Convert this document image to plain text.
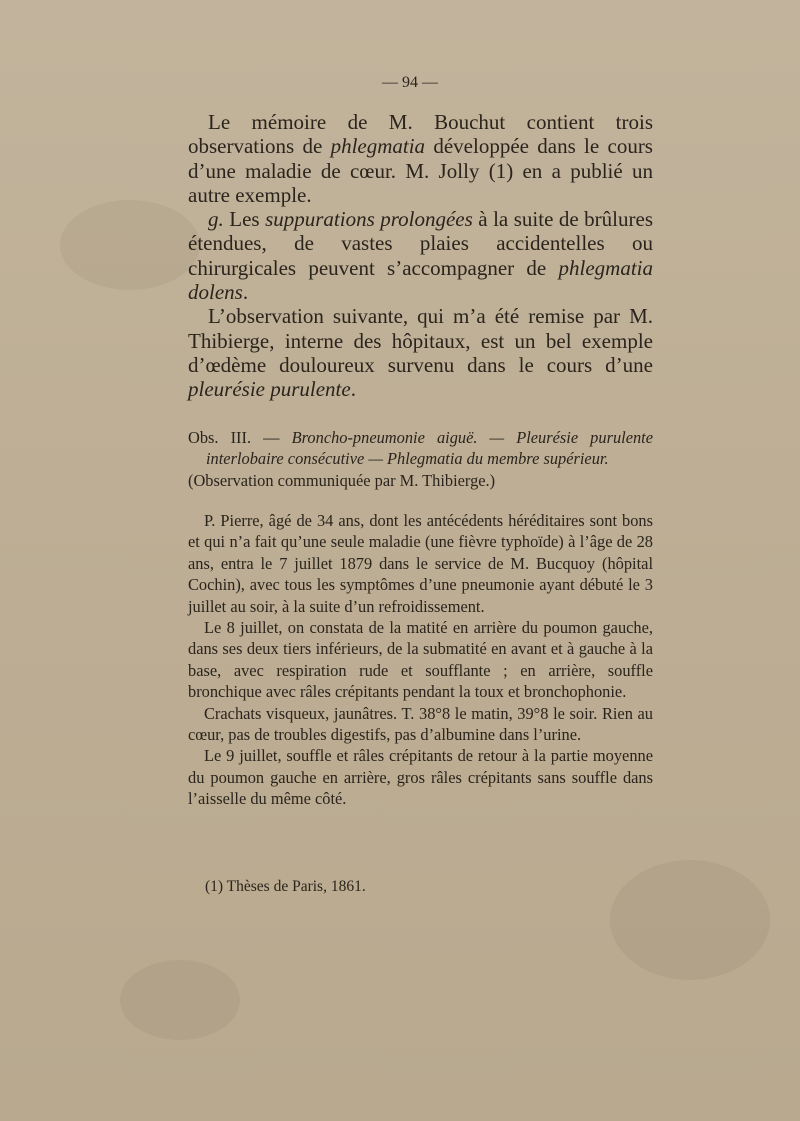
— 94 —

Le mémoire de M. Bouchut contient trois observations de phlegmatia développée dans le cours d’une maladie de cœur. M. Jolly (1) en a publié un autre exemple.

g. Les suppurations prolongées à la suite de brûlures étendues, de vastes plaies accidentelles ou chirurgicales peuvent s’accompagner de phlegmatia dolens.

L’observation suivante, qui m’a été remise par M. Thibierge, interne des hôpitaux, est un bel exemple d’œdème douloureux survenu dans le cours d’une pleurésie purulente.

Obs. III. — Broncho-pneumonie aiguë. — Pleurésie purulente interlobaire consécutive — Phlegmatia du membre supérieur.

(Observation communiquée par M. Thibierge.)

P. Pierre, âgé de 34 ans, dont les antécédents héréditaires sont bons et qui n’a fait qu’une seule maladie (une fièvre typhoïde) à l’âge de 28 ans, entra le 7 juillet 1879 dans le service de M. Bucquoy (hôpital Cochin), avec tous les symptômes d’une pneumonie ayant débuté le 3 juillet au soir, à la suite d’un refroidissement.

Le 8 juillet, on constata de la matité en arrière du poumon gauche, dans ses deux tiers inférieurs, de la submatité en avant et à gauche à la base, avec respiration rude et soufflante ; en arrière, souffle bronchique avec râles crépitants pendant la toux et bronchophonie.

Crachats visqueux, jaunâtres. T. 38°8 le matin, 39°8 le soir. Rien au cœur, pas de troubles digestifs, pas d’albumine dans l’urine.

Le 9 juillet, souffle et râles crépitants de retour à la partie moyenne du poumon gauche en arrière, gros râles crépitants sans souffle dans l’aisselle du même côté.

(1) Thèses de Paris, 1861.
